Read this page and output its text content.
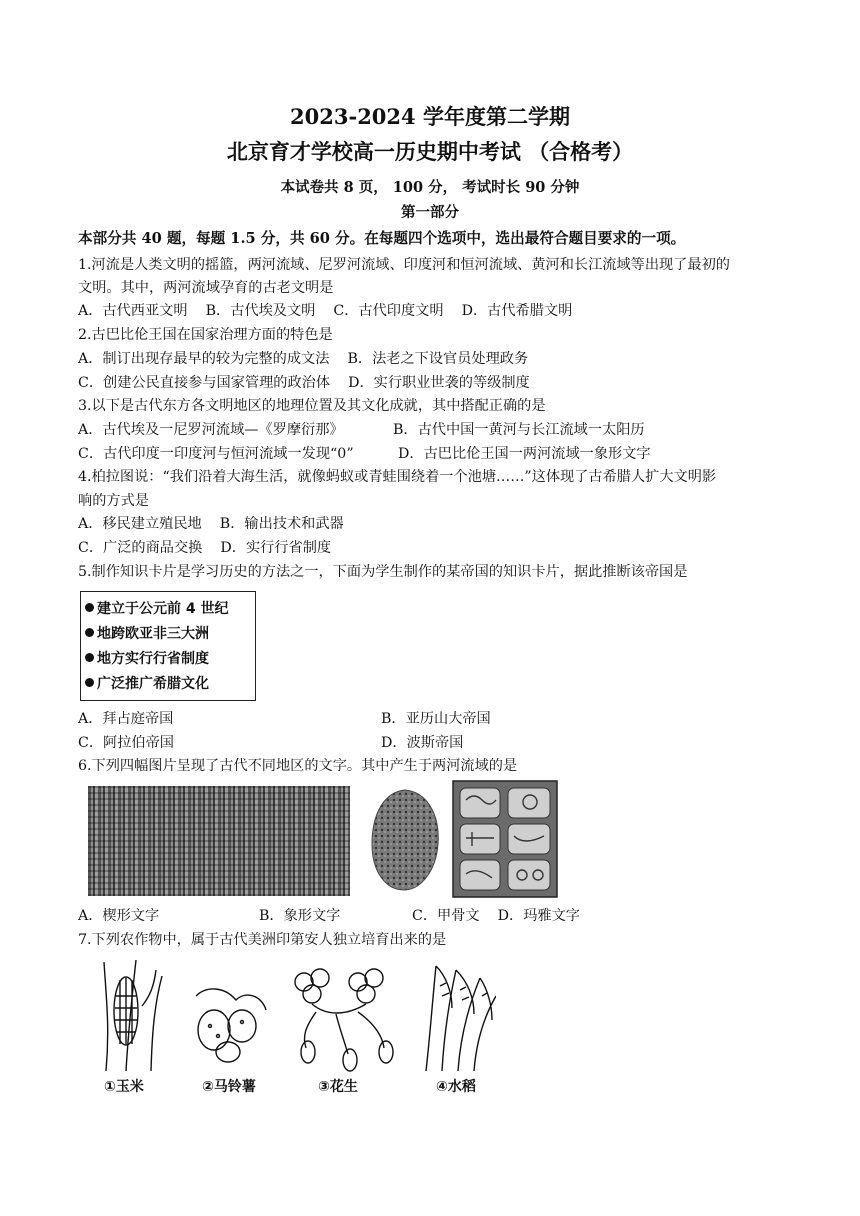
2023-2024 学年度第二学期
北京育才学校高一历史期中考试 （合格考）
本试卷共 8 页， 100 分， 考试时长 90 分钟
第一部分
本部分共 40 题，每题 1.5 分，共 60 分。在每题四个选项中，选出最符合题目要求的一项。
1.河流是人类文明的摇篮，两河流域、尼罗河流域、印度河和恒河流域、黄河和长江流域等出现了最初的
文明。其中，两河流域孕育的古老文明是
A．古代西亚文明    B．古代埃及文明    C．古代印度文明    D．古代希腊文明
2.古巴比伦王国在国家治理方面的特色是
A．制订出现存最早的较为完整的成文法    B．法老之下设官员处理政务
C．创建公民直接参与国家管理的政治体    D．实行职业世袭的等级制度
3.以下是古代东方各文明地区的地理位置及其文化成就，其中搭配正确的是
A．古代埃及一尼罗河流域—《罗摩衍那》	B．古代中国一黄河与长江流域一太阳历
C．古代印度一印度河与恒河流域一发现“0”	D．古巴比伦王国一两河流域一象形文字
4.柏拉图说：“我们沿着大海生活，就像蚂蚁或青蛙围绕着一个池塘……”这体现了古希腊人扩大文明影
响的方式是
A．移民建立殖民地    B．输出技术和武器
C．广泛的商品交换    D．实行行省制度
5.制作知识卡片是学习历史的方法之一，下面为学生制作的某帝国的知识卡片，据此推断该帝国是
建立于公元前 4 世纪
地跨欧亚非三大洲
地方实行行省制度
广泛推广希腊文化
A．拜占庭帝国	B．亚历山大帝国
C．阿拉伯帝国	D．波斯帝国
6.下列四幅图片呈现了古代不同地区的文字。其中产生于两河流域的是
A．楔形文字	B．象形文字	C．甲骨文    D．玛雅文字
7.下列农作物中，属于古代美洲印第安人独立培育出来的是
①玉米	②马铃薯	③花生	④水稻
